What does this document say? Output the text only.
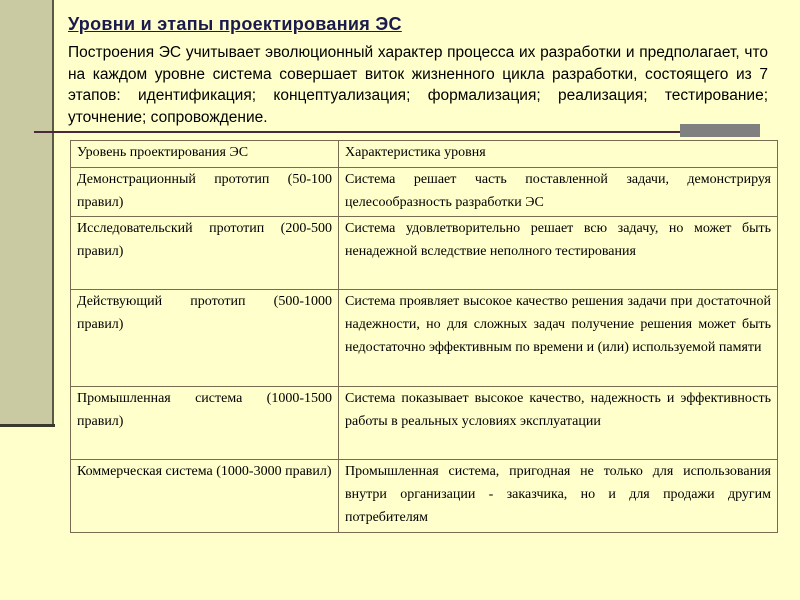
Уровни и этапы проектирования ЭС

Построения ЭС учитывает эволюционный характер процесса их разработки и предполагает, что на каждом уровне система совершает виток жизненного цикла разработки, состоящего из 7 этапов: идентификация; концептуализация; формализация; реализация; тестирование; уточнение; сопровождение.

Уровень проектирования ЭС	Характеристика уровня

Демонстрационный прототип (50-100 правил)	Система решает часть поставленной задачи, демонстрируя целесообразность разработки ЭС

Исследовательский прототип (200-500 правил)	Система удовлетворительно решает всю задачу, но может быть ненадежной вследствие неполного тестирования

Действующий прототип (500-1000 правил)	Система проявляет высокое качество решения задачи при достаточной надежности, но для сложных задач получение решения может быть недостаточно эффективным по времени и (или) используемой памяти

Промышленная система (1000-1500 правил)	Система показывает высокое качество, надежность и эффективность работы в реальных условиях эксплуатации

Коммерческая система (1000-3000 правил)	Промышленная система, пригодная не только для использования внутри организации - заказчика, но и для продажи другим потребителям
